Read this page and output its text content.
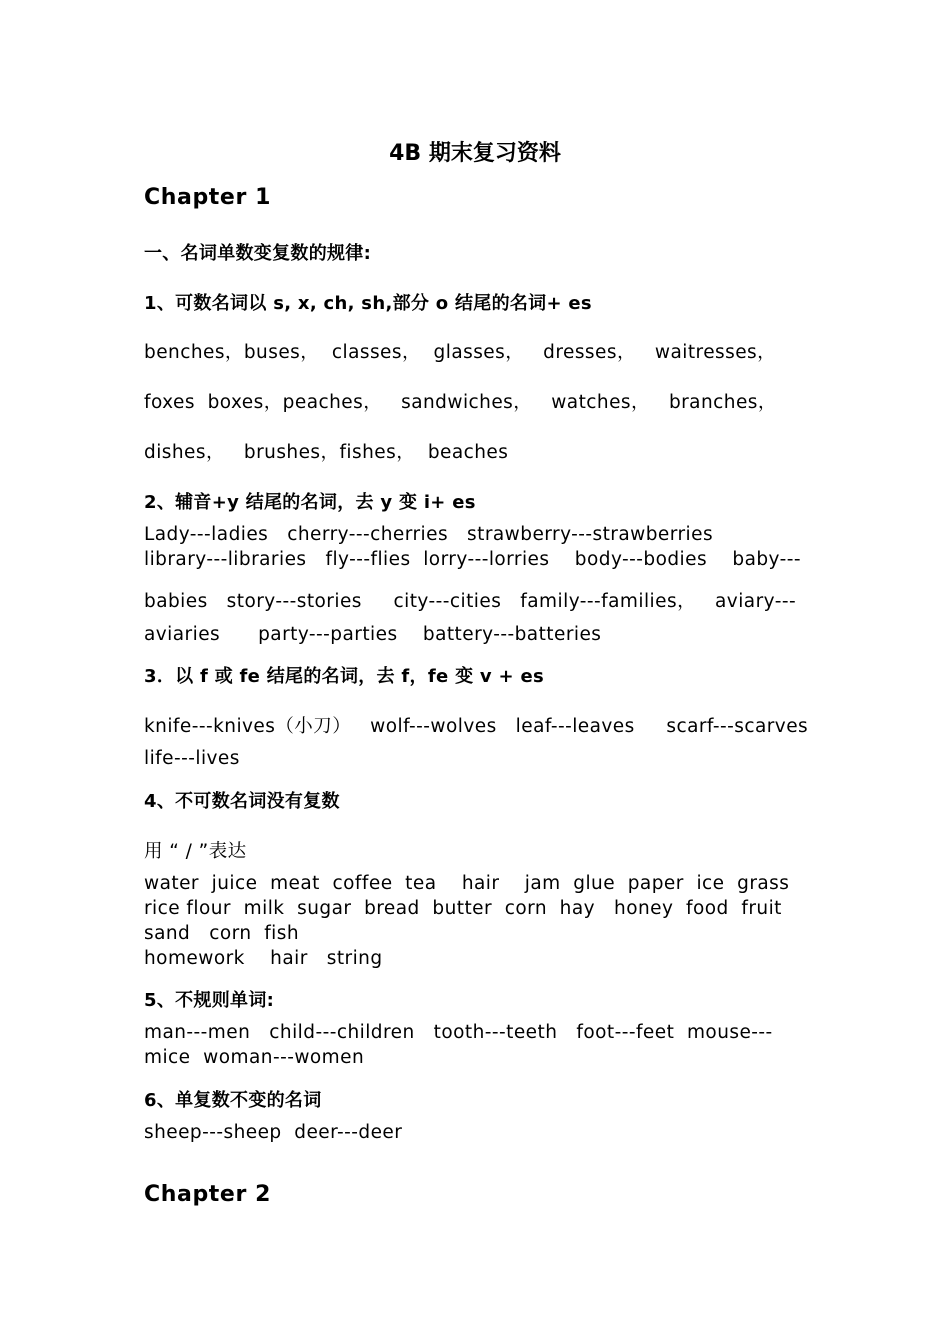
4B 期末复习资料
Chapter 1
一、名词单数变复数的规律:
1、可数名词以 s, x, ch, sh,部分 o 结尾的名词+ es
benches，buses，  classes，  glasses，   dresses，   waitresses，
foxes  boxes，peaches，   sandwiches，   watches，   branches，
dishes，   brushes，fishes，  beaches
2、辅音+y 结尾的名词，去 y 变 i+ es
Lady---ladies   cherry---cherries   strawberry---strawberries
library---libraries   fly---flies  lorry---lorries    body---bodies    baby---
babies   story---stories     city---cities   family---families，   aviary---
aviaries      party---parties    battery---batteries
3．以 f 或 fe 结尾的名词，去 f，fe 变 v + es
knife---knives（小刀）   wolf---wolves   leaf---leaves     scarf---scarves
life---lives
4、不可数名词没有复数
用 “ / ”表达
water  juice  meat  coffee  tea    hair    jam  glue  paper  ice  grass
rice flour  milk  sugar  bread  butter  corn  hay   honey  food  fruit
sand   corn  fish
homework    hair   string
5、不规则单词:
man---men   child---children   tooth---teeth   foot---feet  mouse---
mice  woman---women
6、单复数不变的名词
sheep---sheep  deer---deer
Chapter 2
